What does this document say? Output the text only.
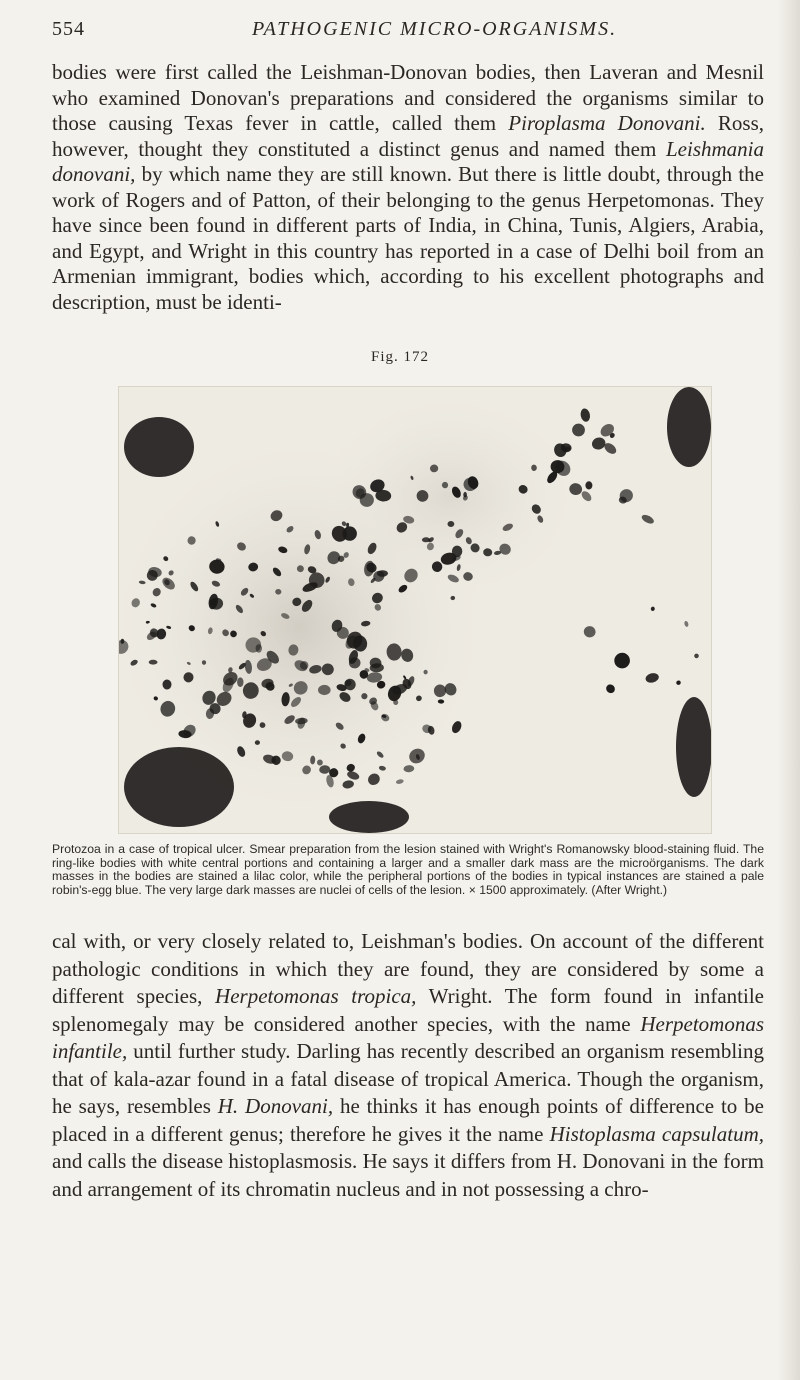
554	PATHOGENIC MICRO-ORGANISMS.

bodies were first called the Leishman-Donovan bodies, then Laveran and Mesnil who examined Donovan's preparations and considered the organisms similar to those causing Texas fever in cattle, called them Piroplasma Donovani. Ross, however, thought they constituted a distinct genus and named them Leishmania donovani, by which name they are still known. But there is little doubt, through the work of Rogers and of Patton, of their belonging to the genus Herpetomonas. They have since been found in different parts of India, in China, Tunis, Algiers, Arabia, and Egypt, and Wright in this country has reported in a case of Delhi boil from an Armenian immigrant, bodies which, according to his excellent photographs and description, must be identi-

Fig. 172

Protozoa in a case of tropical ulcer. Smear preparation from the lesion stained with Wright's Romanowsky blood-staining fluid. The ring-like bodies with white central portions and containing a larger and a smaller dark mass are the microörganisms. The dark masses in the bodies are stained a lilac color, while the peripheral portions of the bodies in typical instances are stained a pale robin's-egg blue. The very large dark masses are nuclei of cells of the lesion. × 1500 approximately. (After Wright.)

cal with, or very closely related to, Leishman's bodies. On account of the different pathologic conditions in which they are found, they are considered by some a different species, Herpetomonas tropica, Wright. The form found in infantile splenomegaly may be considered another species, with the name Herpetomonas infantile, until further study. Darling has recently described an organism resembling that of kala-azar found in a fatal disease of tropical America. Though the organism, he says, resembles H. Donovani, he thinks it has enough points of difference to be placed in a different genus; therefore he gives it the name Histoplasma capsulatum, and calls the disease histoplasmosis. He says it differs from H. Donovani in the form and arrangement of its chromatin nucleus and in not possessing a chro-
